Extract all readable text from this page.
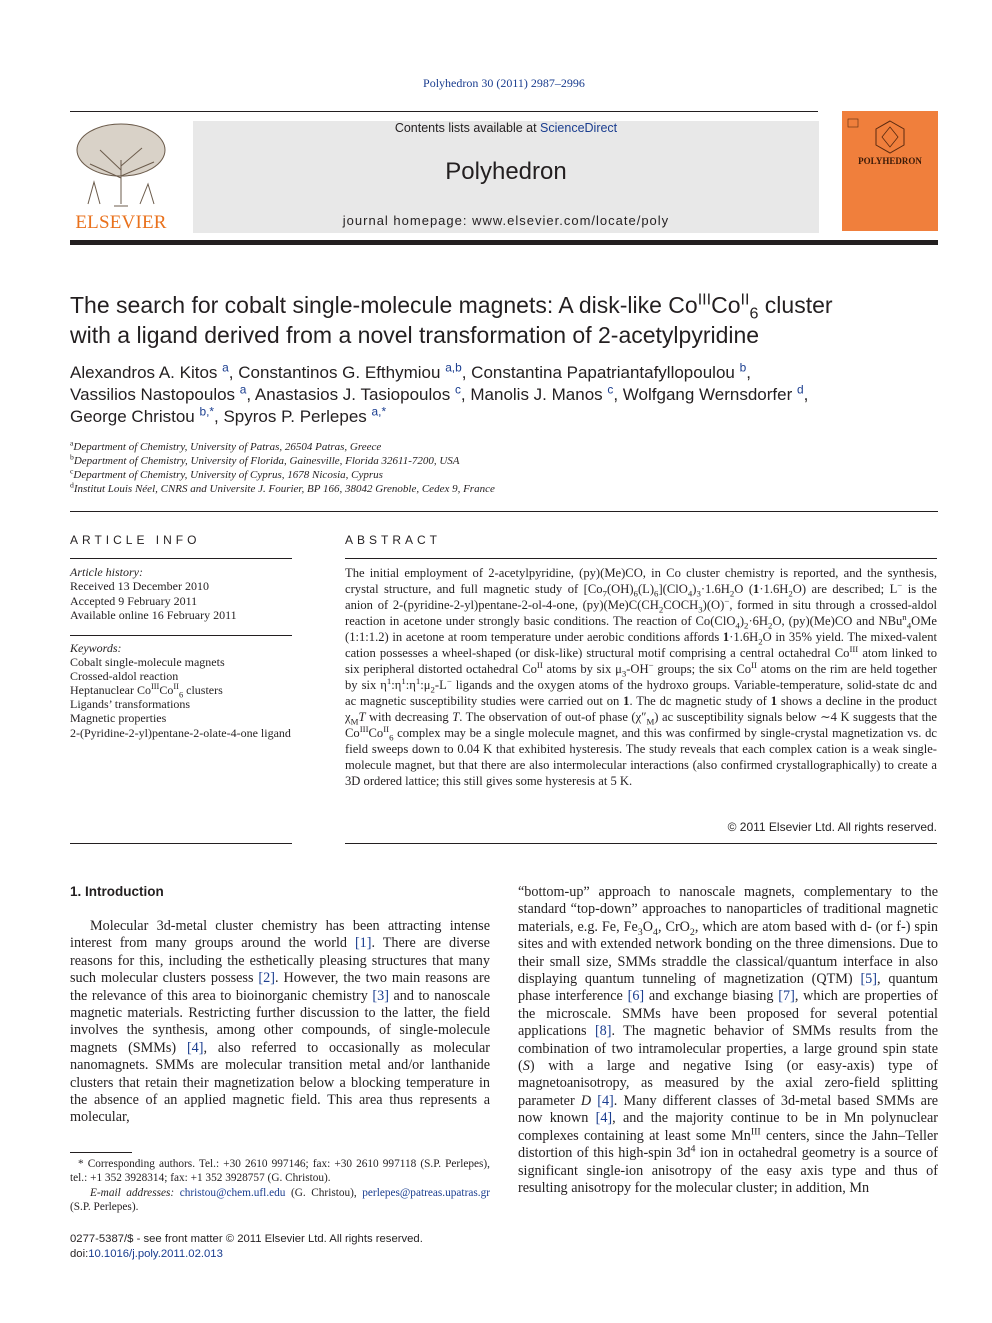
Polyhedron 30 (2011) 2987–2996
ELSEVIER
Contents lists available at ScienceDirect
Polyhedron
journal homepage: www.elsevier.com/locate/poly
POLYHEDRON
The search for cobalt single-molecule magnets: A disk-like $Co^{III}Co^{II}_6$ cluster
with a ligand derived from a novel transformation of 2-acetylpyridine
Alexandros A. Kitos $^a$, Constantinos G. Efthymiou $^{a,b}$, Constantina Papatriantafyllopoulou $^b$,
Vassilios Nastopoulos $^a$, Anastasios J. Tasiopoulos $^c$, Manolis J. Manos $^c$, Wolfgang Wernsdorfer $^d$,
George Christou $^{b,*}$, Spyros P. Perlepes $^{a,*}$
$^a$Department of Chemistry, University of Patras, 26504 Patras, Greece
$^b$Department of Chemistry, University of Florida, Gainesville, Florida 32611-7200, USA
$^c$Department of Chemistry, University of Cyprus, 1678 Nicosia, Cyprus
$^d$Institut Louis Néel, CNRS and Universite J. Fourier, BP 166, 38042 Grenoble, Cedex 9, France
ARTICLE INFO
Article history:
Received 13 December 2010
Accepted 9 February 2011
Available online 16 February 2011
Keywords:
Cobalt single-molecule magnets
Crossed-aldol reaction
Heptanuclear $Co^{III}Co^{II}_6$ clusters
Ligands’ transformations
Magnetic properties
2-(Pyridine-2-yl)pentane-2-olate-4-one ligand
ABSTRACT
The initial employment of 2-acetylpyridine, (py)(Me)CO, in Co cluster chemistry is reported, and the synthesis, crystal structure, and full magnetic study of $[Co_7(OH)_6(L)_6](ClO_4)_3\cdot 1.6H_2O$ $(1\cdot 1.6H_2O)$ are described; L− is the anion of 2-(pyridine-2-yl)pentane-2-ol-4-one, $(py)(Me)C(CH_2COCH_3)(O)^-$, formed in situ through a crossed-aldol reaction in acetone under strongly basic conditions. The reaction of $Co(ClO_4)_2\cdot 6H_2O$, (py)(Me)CO and NBu$^n_4$OMe (1:1:1.2) in acetone at room temperature under aerobic conditions affords $1\cdot 1.6H_2O$ in 35% yield. The mixed-valent cation possesses a wheel-shaped (or disk-like) structural motif comprising a central octahedral $Co^{III}$ atom linked to six peripheral distorted octahedral $Co^{II}$ atoms by six $\mu_3-OH^-$ groups; the six $Co^{II}$ atoms on the rim are held together by six $\eta^1:\eta^1:\eta^1:\mu_2-L^-$ ligands and the oxygen atoms of the hydroxo groups. Variable-temperature, solid-state dc and ac magnetic susceptibility studies were carried out on 1. The dc magnetic study of 1 shows a decline in the product $\chi_MT$ with decreasing T. The observation of out-of phase $(\chi''_M)$ ac susceptibility signals below ∼4 K suggests that the $Co^{III}Co^{II}_6$ complex may be a single molecule magnet, and this was confirmed by single-crystal magnetization vs. dc field sweeps down to 0.04 K that exhibited hysteresis. The study reveals that each complex cation is a weak single-molecule magnet, but that there are also intermolecular interactions (also confirmed crystallographically) to create a 3D ordered lattice; this still gives some hysteresis at 5 K.
© 2011 Elsevier Ltd. All rights reserved.
1. Introduction
Molecular 3d-metal cluster chemistry has been attracting intense interest from many groups around the world [1]. There are diverse reasons for this, including the esthetically pleasing structures that many such molecular clusters possess [2]. However, the two main reasons are the relevance of this area to bioinorganic chemistry [3] and to nanoscale magnetic materials. Restricting further discussion to the latter, the field involves the synthesis, among other compounds, of single-molecule magnets (SMMs) [4], also referred to occasionally as molecular nanomagnets. SMMs are molecular transition metal and/or lanthanide clusters that retain their magnetization below a blocking temperature in the absence of an applied magnetic field. This area thus represents a molecular,
“bottom-up” approach to nanoscale magnets, complementary to the standard “top-down” approaches to nanoparticles of traditional magnetic materials, e.g. Fe, $Fe_3O_4$, CrO$_2$, which are atom based with d- (or f-) spin sites and with extended network bonding on the three dimensions. Due to their small size, SMMs straddle the classical/quantum interface in also displaying quantum tunneling of magnetization (QTM) [5], quantum phase interference [6] and exchange biasing [7], which are properties of the microscale. SMMs have been proposed for several potential applications [8]. The magnetic behavior of SMMs results from the combination of two intramolecular properties, a large ground spin state (S) with a large and negative Ising (or easy-axis) type of magnetoanisotropy, as measured by the axial zero-field splitting parameter D [4]. Many different classes of 3d-metal based SMMs are now known [4], and the majority continue to be in Mn polynuclear complexes containing at least some $Mn^{III}$ centers, since the Jahn–Teller distortion of this high-spin $3d^4$ ion in octahedral geometry is a source of significant single-ion anisotropy of the easy axis type and thus of resulting anisotropy for the molecular cluster; in addition, Mn
* Corresponding authors. Tel.: +30 2610 997146; fax: +30 2610 997118 (S.P. Perlepes), tel.: +1 352 3928314; fax: +1 352 3928757 (G. Christou).
E-mail addresses: christou@chem.ufl.edu (G. Christou), perlepes@patreas.upatras.gr (S.P. Perlepes).
0277-5387/$ - see front matter © 2011 Elsevier Ltd. All rights reserved.
doi:10.1016/j.poly.2011.02.013
